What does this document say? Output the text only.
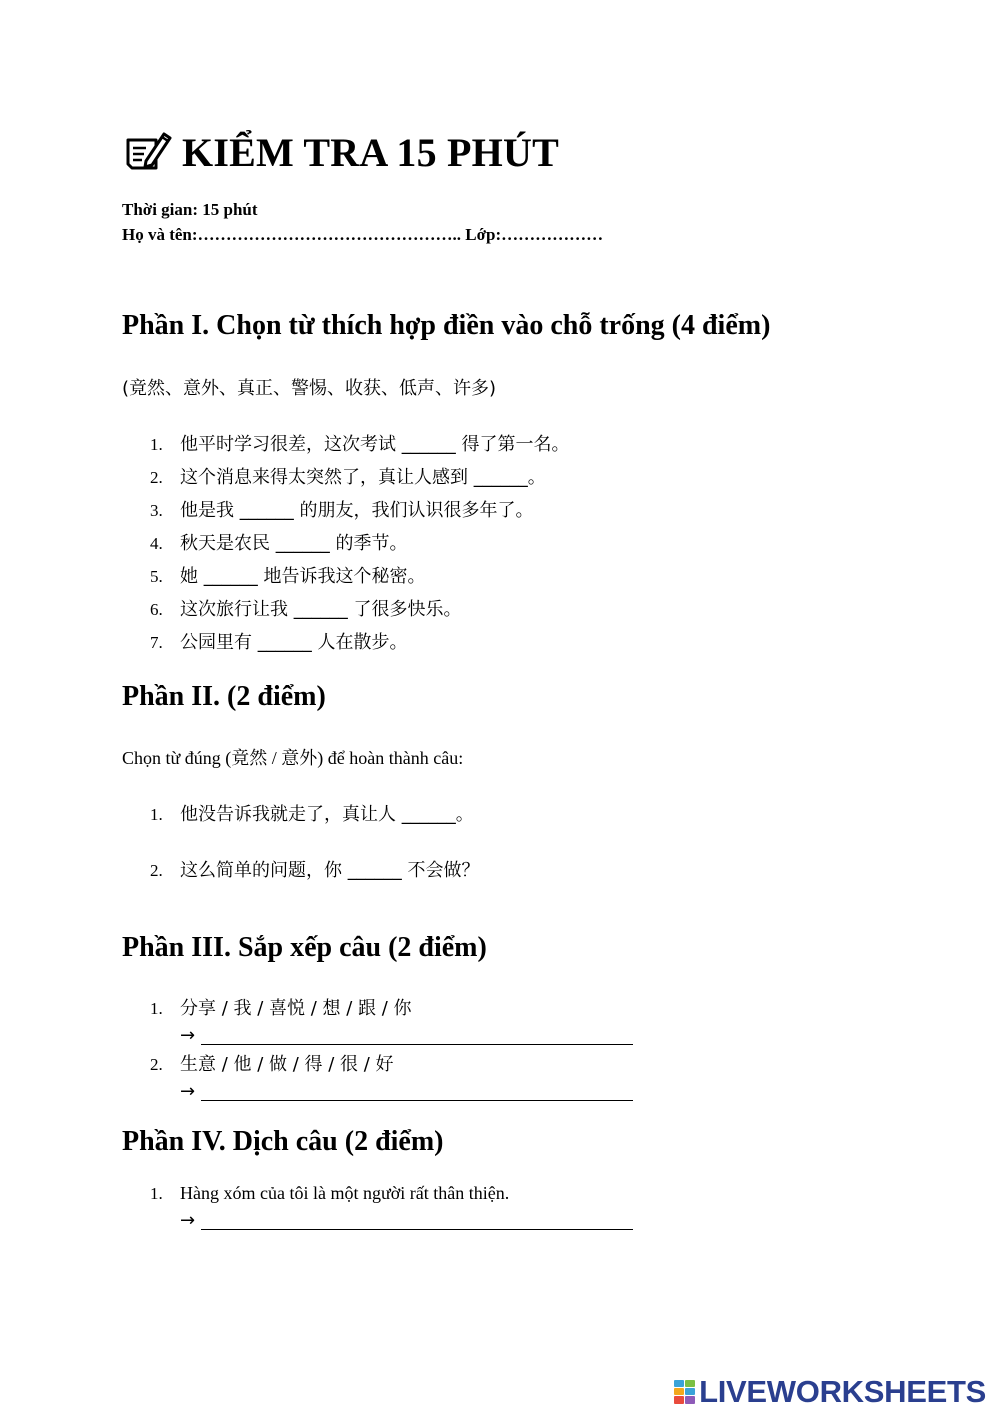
KIỂM TRA 15 PHÚT
Thời gian: 15 phút
Họ và tên:……………………………………….. Lớp:………………
Phần I. Chọn từ thích hợp điền vào chỗ trống (4 điểm)
(竟然、意外、真正、警惕、收获、低声、许多)
1. 他平时学习很差，这次考试 ______ 得了第一名。
2. 这个消息来得太突然了，真让人感到 ______。
3. 他是我 ______ 的朋友，我们认识很多年了。
4. 秋天是农民 ______ 的季节。
5. 她 ______ 地告诉我这个秘密。
6. 这次旅行让我 ______ 了很多快乐。
7. 公园里有 ______ 人在散步。
Phần II. (2 điểm)
Chọn từ đúng (竟然 / 意外) để hoàn thành câu:
1. 他没告诉我就走了，真让人 ______。
2. 这么简单的问题，你 ______ 不会做？
Phần III. Sắp xếp câu (2 điểm)
1. 分享 / 我 / 喜悦 / 想 / 跟 / 你
→
2. 生意 / 他 / 做 / 得 / 很 / 好
→
Phần IV. Dịch câu (2 điểm)
1. Hàng xóm của tôi là một người rất thân thiện.
→
LIVEWORKSHEETS
